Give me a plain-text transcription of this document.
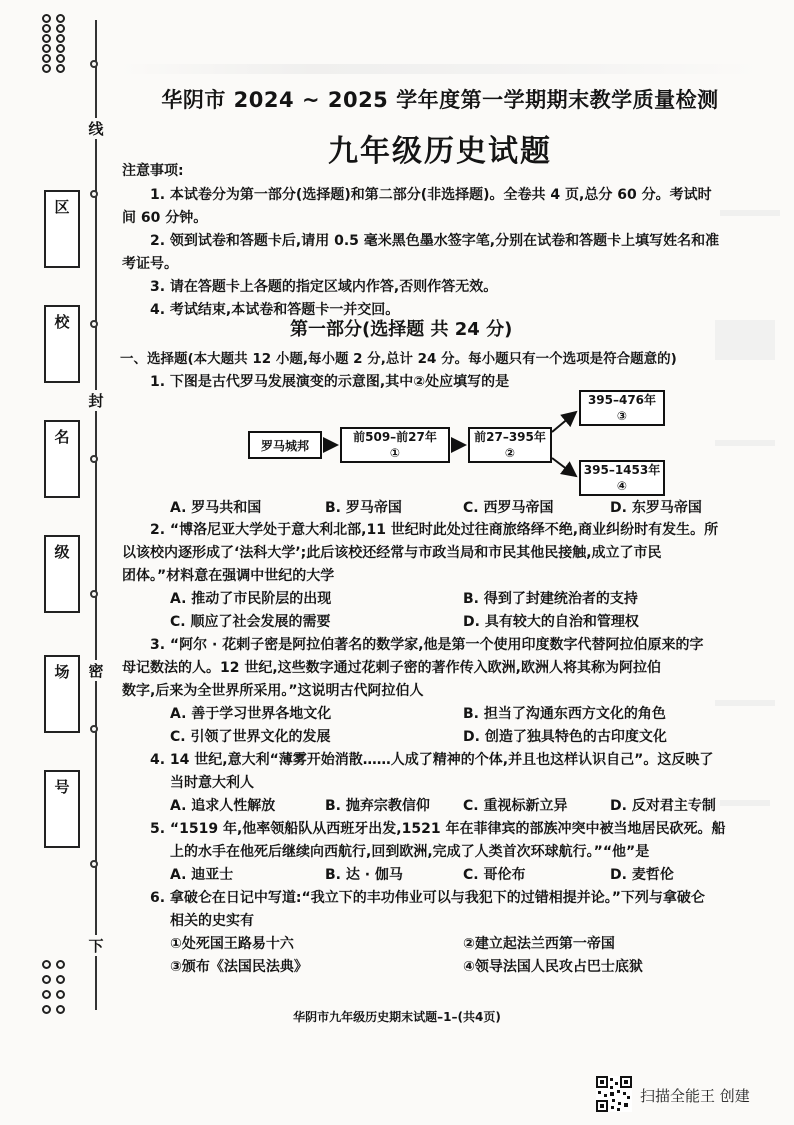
线
封
密
下
区
校
名
级
场
号
华阴市 2024 ~ 2025 学年度第一学期期末教学质量检测
九年级历史试题
注意事项:
1. 本试卷分为第一部分(选择题)和第二部分(非选择题)。全卷共 4 页,总分 60 分。考试时
间 60 分钟。
2. 领到试卷和答题卡后,请用 0.5 毫米黑色墨水签字笔,分别在试卷和答题卡上填写姓名和准
考证号。
3. 请在答题卡上各题的指定区域内作答,否则作答无效。
4. 考试结束,本试卷和答题卡一并交回。
第一部分(选择题 共 24 分)
一、选择题(本大题共 12 小题,每小题 2 分,总计 24 分。每小题只有一个选项是符合题意的)
1. 下图是古代罗马发展演变的示意图,其中②处应填写的是
罗马城邦
前509–前27年
①
前27–395年
②
395–476年
③
395–1453年
④
A. 罗马共和国	B. 罗马帝国	C. 西罗马帝国	D. 东罗马帝国
2. “博洛尼亚大学处于意大利北部,11 世纪时此处过往商旅络绎不绝,商业纠纷时有发生。所
以该校内逐形成了‘法科大学’;此后该校还经常与市政当局和市民其他民接触,成立了市民
团体。”材料意在强调中世纪的大学
A. 推动了市民阶层的出现	B. 得到了封建统治者的支持
C. 顺应了社会发展的需要	D. 具有较大的自治和管理权
3. “阿尔 · 花剌子密是阿拉伯著名的数学家,他是第一个使用印度数字代替阿拉伯原来的字
母记数法的人。12 世纪,这些数字通过花剌子密的著作传入欧洲,欧洲人将其称为阿拉伯
数字,后来为全世界所采用。”这说明古代阿拉伯人
A. 善于学习世界各地文化	B. 担当了沟通东西方文化的角色
C. 引领了世界文化的发展	D. 创造了独具特色的古印度文化
4. 14 世纪,意大利“薄雾开始消散……人成了精神的个体,并且也这样认识自己”。这反映了
当时意大利人
A. 追求人性解放	B. 抛弃宗教信仰 C. 重视标新立异	D. 反对君主专制
5. “1519 年,他率领船队从西班牙出发,1521 年在菲律宾的部族冲突中被当地居民砍死。船
上的水手在他死后继续向西航行,回到欧洲,完成了人类首次环球航行。”“他”是
A. 迪亚士	B. 达 · 伽马	C. 哥伦布	D. 麦哲伦
6. 拿破仑在日记中写道:“我立下的丰功伟业可以与我犯下的过错相提并论。”下列与拿破仑
相关的史实有
①处死国王路易十六	②建立起法兰西第一帝国
③颁布《法国民法典》	④领导法国人民攻占巴士底狱
华阴市九年级历史期末试题–1–(共4页)
扫描全能王 创建
